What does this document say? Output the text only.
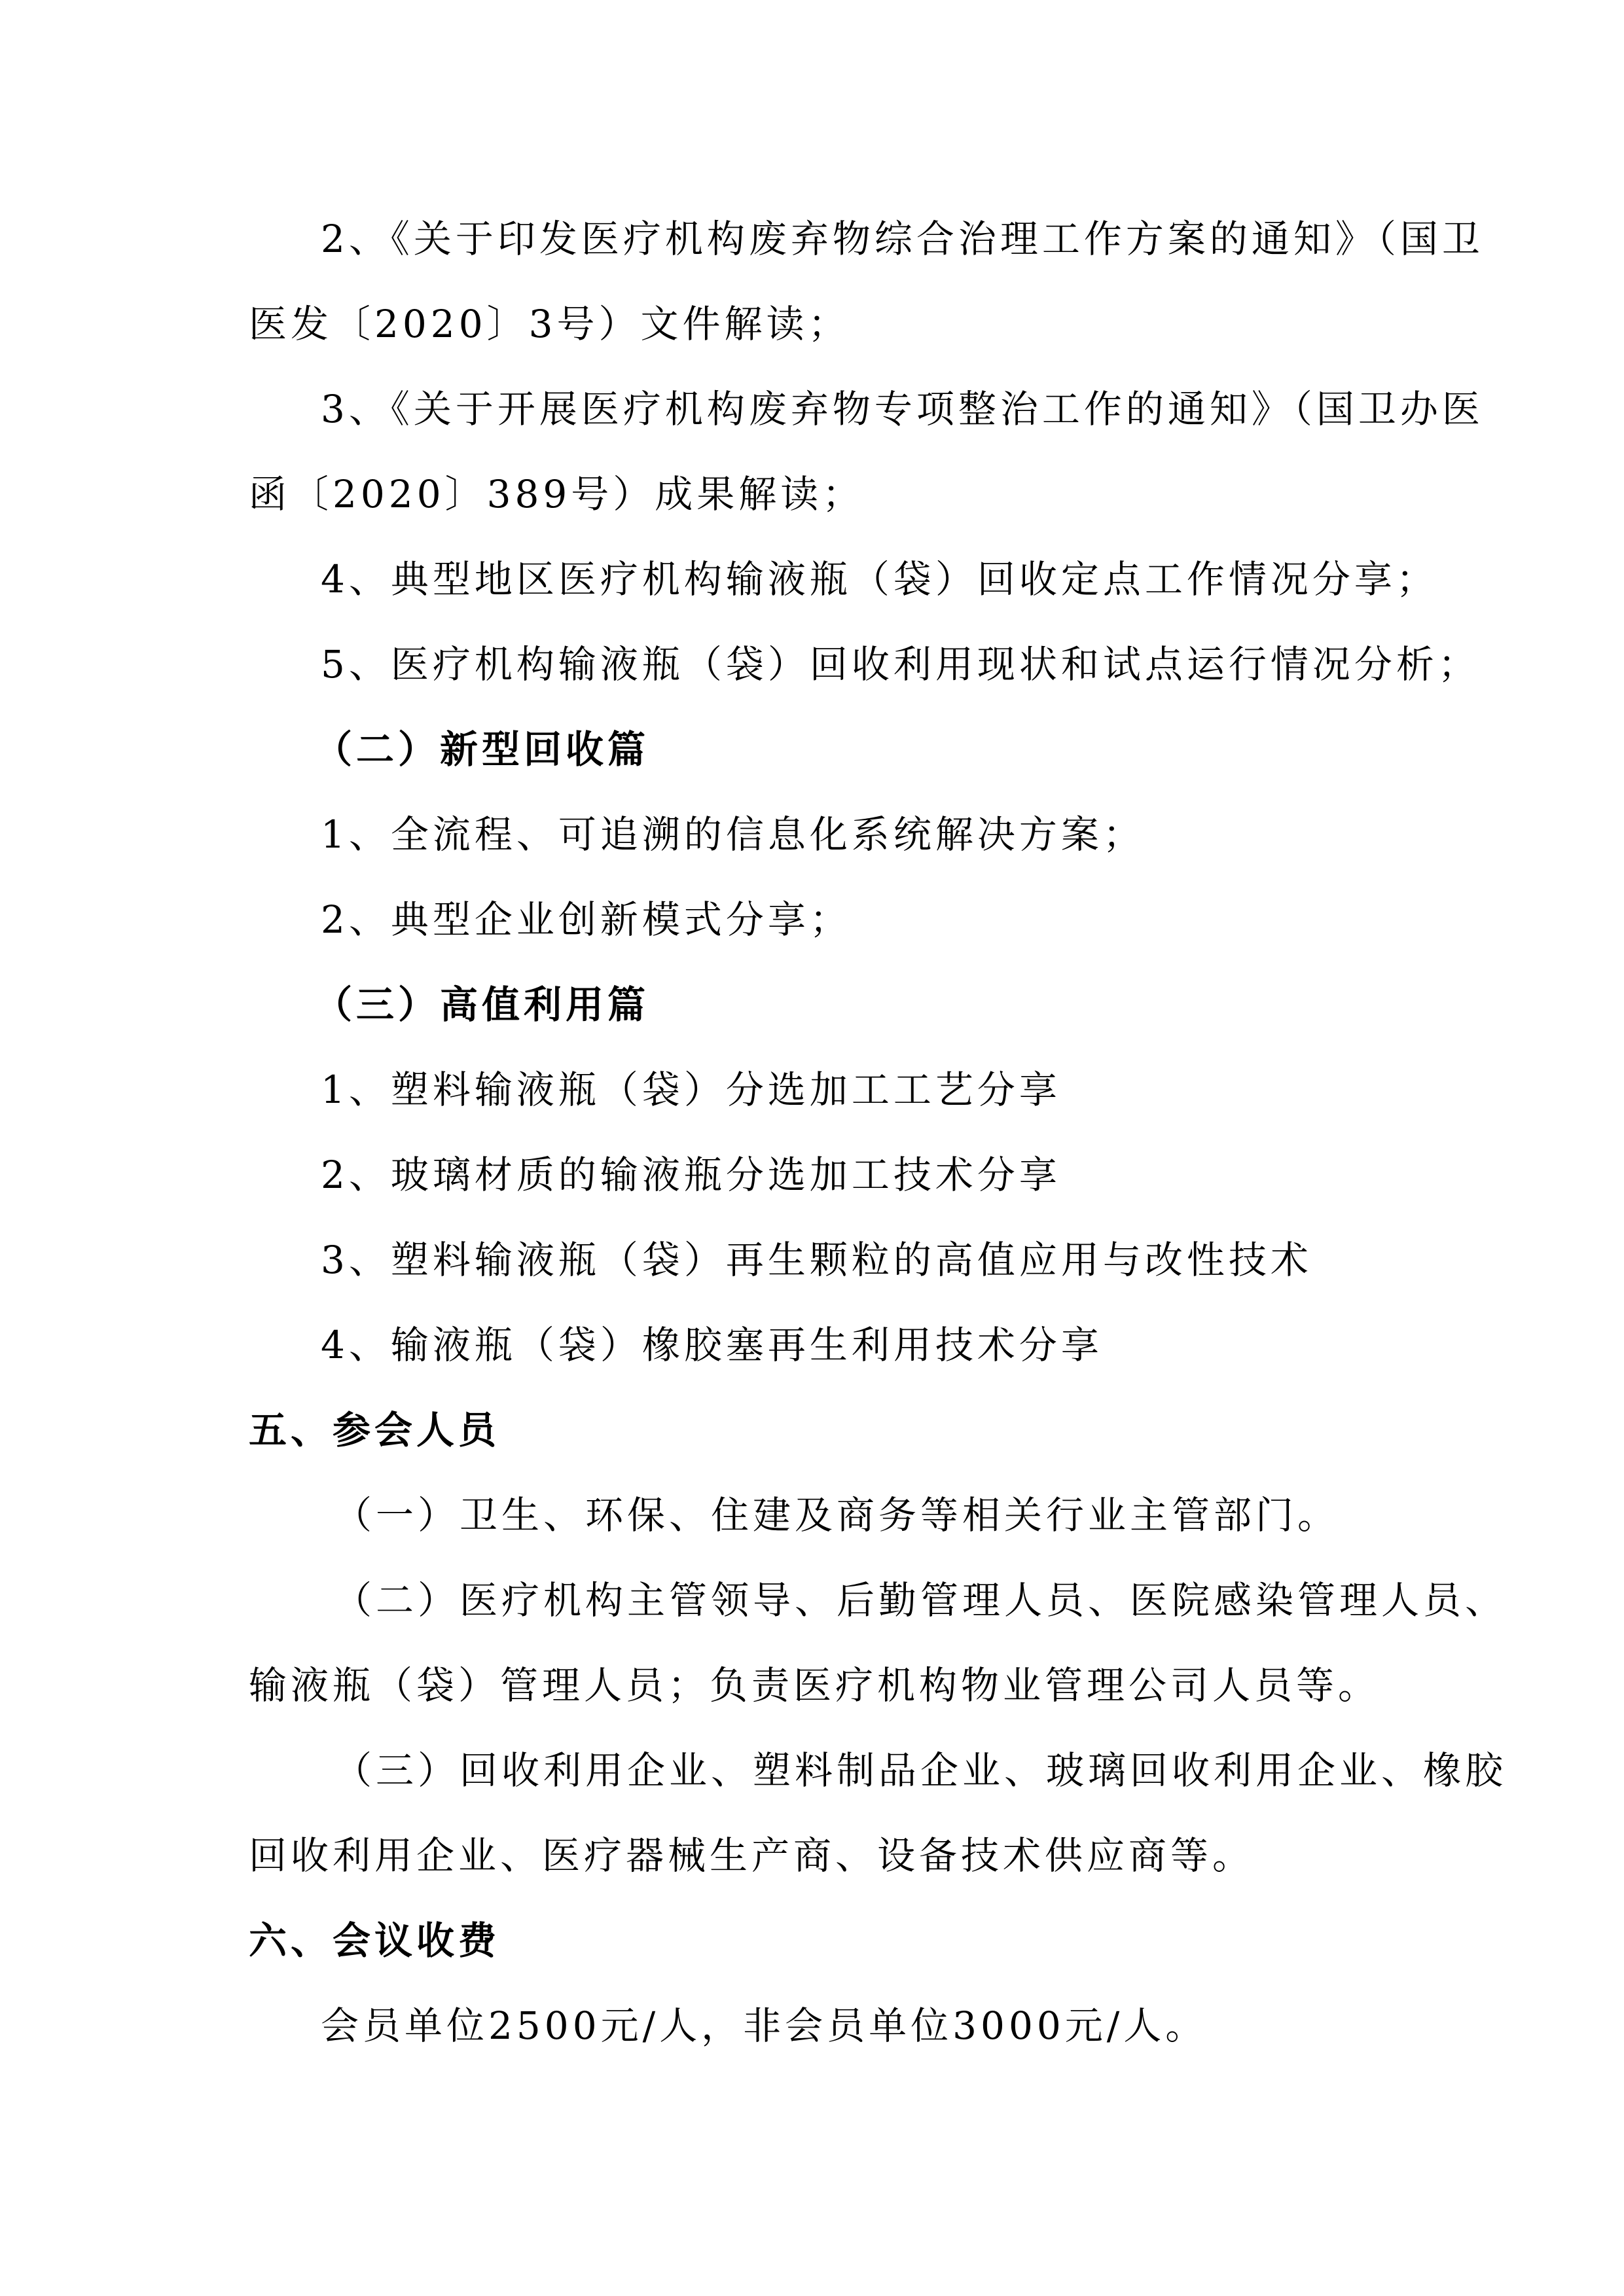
2、《关于印发医疗机构废弃物综合治理工作方案的通知》（国卫
医发〔2020〕3号）文件解读；
3、《关于开展医疗机构废弃物专项整治工作的通知》（国卫办医
函〔2020〕389号）成果解读；
4、典型地区医疗机构输液瓶（袋）回收定点工作情况分享；
5、医疗机构输液瓶（袋）回收利用现状和试点运行情况分析；
（二）新型回收篇
1、全流程、可追溯的信息化系统解决方案；
2、典型企业创新模式分享；
（三）高值利用篇
1、塑料输液瓶（袋）分选加工工艺分享
2、玻璃材质的输液瓶分选加工技术分享
3、塑料输液瓶（袋）再生颗粒的高值应用与改性技术
4、输液瓶（袋）橡胶塞再生利用技术分享
五、参会人员
（一）卫生、环保、住建及商务等相关行业主管部门。
（二）医疗机构主管领导、后勤管理人员、医院感染管理人员、
输液瓶（袋）管理人员；负责医疗机构物业管理公司人员等。
（三）回收利用企业、塑料制品企业、玻璃回收利用企业、橡胶
回收利用企业、医疗器械生产商、设备技术供应商等。
六、会议收费
会员单位2500元/人，非会员单位3000元/人。
